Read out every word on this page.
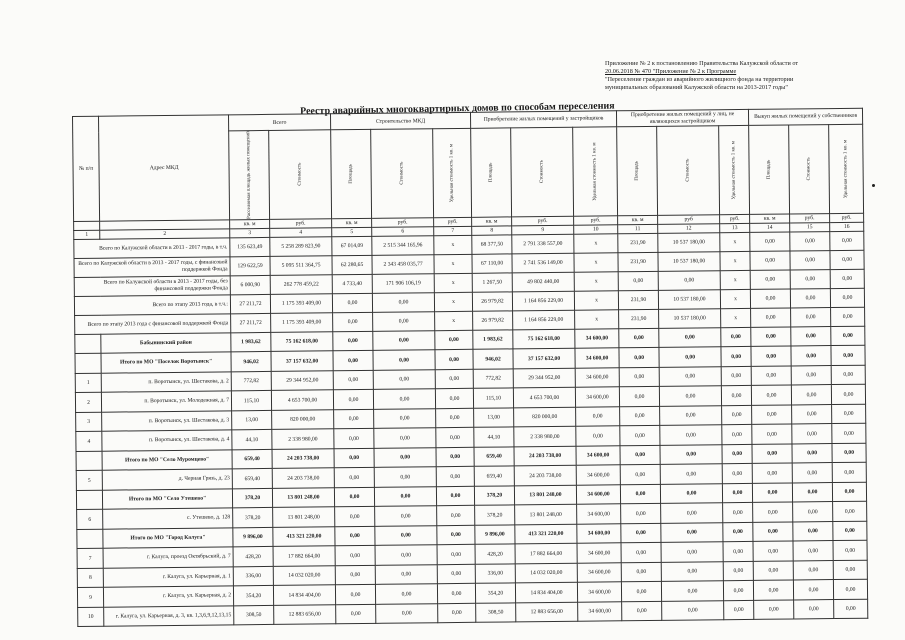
Приложение № 2 к постановлению Правительства Калужской области от
20.06.2018 № 470 "Приложение № 2 к Программе
"Переселение граждан из аварийного жилищного фонда на территории
муниципальных образований Калужской области на 2013-2017 годы"
Реестр аварийных многоквартирных домов по способам переселения
№ п/п	Адрес МКД	Всего		Строительство МКД			Приобретение жилых помещений у застройщиков			Приобретение жилых помещений у лиц, не являющихся застройщиком			Выкуп жилых помещений у собственников		

		Расселяемая площадь жилых помещений	Стоимость	Площадь	Стоимость	Удельная стоимость 1 кв. м	Площадь	Стоимость	Удельная стоимость 1 кв. м	Площадь	Стоимость	Удельная стоимость 1 кв. м	Площадь	Стоимость	Удельная стоимость 1 кв. м

		кв. м	руб.	кв. м	руб.	руб.	кв. м	руб.	руб.	кв. м	руб	руб.	кв. м	руб.	руб.
1	2	3	4	5	6	7	8	9	10	11	12	13	14	15	16
Всего по Калужской области в 2013 - 2017 годы, в т.ч.		135 623,49	5 258 289 823,90	67 014,09	2 515 344 165,96	x	68 377,50	2 791 338 557,00	x	231,90	10 537 180,00	x	0,00	0,00	0,00
Всего по Калужской области в 2013 - 2017 годы, с финансовой поддержкой Фонда		129 622,59	5 095 511 364,75	62 280,65	2 343 458 035,77	x	67 110,00	2 741 536 149,00	x	231,90	10 537 180,00	x	0,00	0,00	0,00
Всего по Калужской области в 2013 - 2017 годы, без финансовой поддержки Фонда		6 000,90	262 778 459,22	4 733,40	171 906 106,19	x	1 267,50	49 802 440,00	x	0,00	0,00	x	0,00	0,00	0,00
Всего по этапу 2013 года, в т.ч.:		27 211,72	1 175 393 409,00	0,00	0,00	x	26 979,82	1 164 856 229,00	x	231,90	10 537 180,00	x	0,00	0,00	0,00
Всего по этапу 2013 года с финансовой поддержкой Фонда		27 211,72	1 175 393 409,00	0,00	0,00	x	26 979,82	1 164 856 229,00	x	231,90	10 537 180,00	x	0,00	0,00	0,00
	Бабынинский район	1 983,62	75 162 618,00	0,00	0,00	0,00	1 983,62	75 162 618,00	34 600,00	0,00	0,00	0,00	0,00	0,00	0,00
	Итого по МО "Поселок Воротынск"	946,02	37 157 632,00	0,00	0,00	0,00	946,02	37 157 632,00	34 600,00	0,00	0,00	0,00	0,00	0,00	0,00
1	п. Воротынск, ул. Шестакова, д. 2	772,82	29 344 952,00	0,00	0,00	0,00	772,82	29 344 952,00	34 600,00	0,00	0,00	0,00	0,00	0,00	0,00
2	п. Воротынск, ул. Молодежная, д. 7	115,10	4 653 700,00	0,00	0,00	0,00	115,10	4 653 700,00	34 600,00	0,00	0,00	0,00	0,00	0,00	0,00
3	п. Воротынск, ул. Шестакова, д. 3	13,00	820 000,00	0,00	0,00	0,00	13,00	820 000,00	0,00	0,00	0,00	0,00	0,00	0,00	0,00
4	п. Воротынск, ул. Шестакова, д. 4	44,10	2 338 980,00	0,00	0,00	0,00	44,10	2 338 980,00	0,00	0,00	0,00	0,00	0,00	0,00	0,00
	Итого по МО "Село Муромцево"	659,40	24 203 738,00	0,00	0,00	0,00	659,40	24 203 738,00	34 600,00	0,00	0,00	0,00	0,00	0,00	0,00
5	д. Черная Грязь, д. 23	659,40	24 203 738,00	0,00	0,00	0,00	659,40	24 203 738,00	34 600,00	0,00	0,00	0,00	0,00	0,00	0,00
	Итого по МО "Село Утешево"	378,20	13 801 248,00	0,00	0,00	0,00	378,20	13 801 248,00	34 600,00	0,00	0,00	0,00	0,00	0,00	0,00
6	с. Утешево, д. 128	378,20	13 801 248,00	0,00	0,00	0,00	378,20	13 801 248,00	34 600,00	0,00	0,00	0,00	0,00	0,00	0,00
	Итого по МО "Город Калуга"	9 896,00	413 321 220,00	0,00	0,00	0,00	9 896,00	413 321 220,00	34 600,00	0,00	0,00	0,00	0,00	0,00	0,00
7	г. Калуга, проезд Октябрьский, д. 7	428,20	17 882 664,00	0,00	0,00	0,00	428,20	17 882 664,00	34 600,00	0,00	0,00	0,00	0,00	0,00	0,00
8	г. Калуга, ул. Карьерная, д. 1	336,00	14 032 020,00	0,00	0,00	0,00	336,00	14 032 020,00	34 600,00	0,00	0,00	0,00	0,00	0,00	0,00
9	г. Калуга, ул. Карьерная, д. 2	354,20	14 834 404,00	0,00	0,00	0,00	354,20	14 834 404,00	34 600,00	0,00	0,00	0,00	0,00	0,00	0,00
10	г. Калуга, ул. Карьерная, д. 3, кв. 1,3,6,9,12,13,15	308,50	12 883 656,00	0,00	0,00	0,00	308,50	12 883 656,00	34 600,00	0,00	0,00	0,00	0,00	0,00	0,00
